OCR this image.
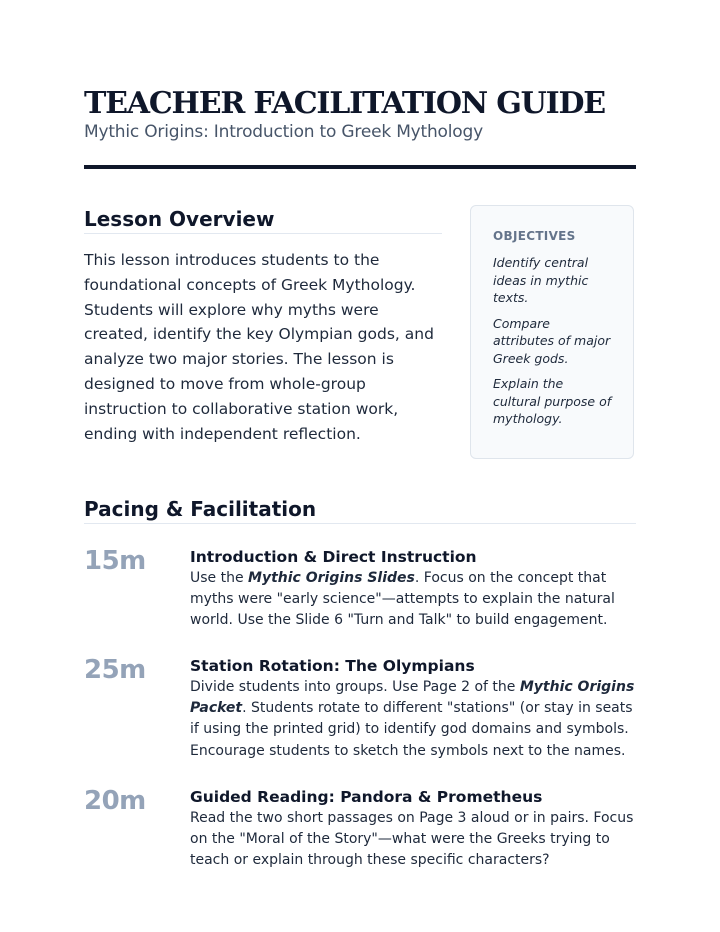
TEACHER FACILITATION GUIDE
Mythic Origins: Introduction to Greek Mythology
Lesson Overview
This lesson introduces students to the foundational concepts of Greek Mythology. Students will explore why myths were created, identify the key Olympian gods, and analyze two major stories. The lesson is designed to move from whole-group instruction to collaborative station work, ending with independent reflection.
OBJECTIVES
Identify central ideas in mythic texts.
Compare attributes of major Greek gods.
Explain the cultural purpose of mythology.
Pacing & Facilitation
15m	Introduction & Direct Instruction
Use the Mythic Origins Slides. Focus on the concept that myths were "early science"—attempts to explain the natural world. Use the Slide 6 "Turn and Talk" to build engagement.
25m	Station Rotation: The Olympians
Divide students into groups. Use Page 2 of the Mythic Origins Packet. Students rotate to different "stations" (or stay in seats if using the printed grid) to identify god domains and symbols. Encourage students to sketch the symbols next to the names.
20m	Guided Reading: Pandora & Prometheus
Read the two short passages on Page 3 aloud or in pairs. Focus on the "Moral of the Story"—what were the Greeks trying to teach or explain through these specific characters?
